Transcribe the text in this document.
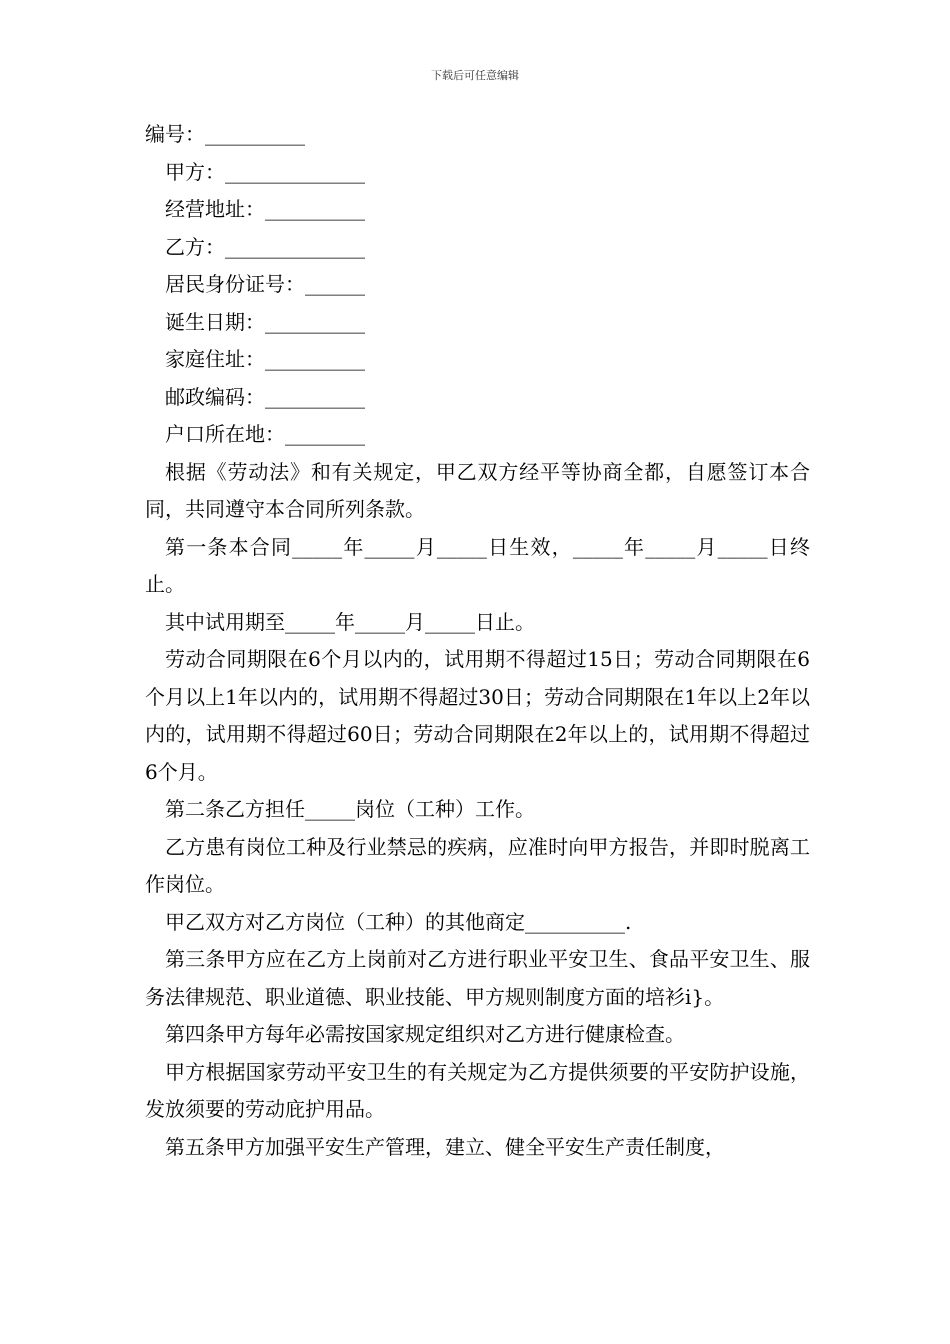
下载后可任意编辑
编号：__________
甲方：______________
经营地址：__________
乙方：______________
居民身份证号：______
诞生日期：__________
家庭住址：__________
邮政编码：__________
户口所在地：________

根据《劳动法》和有关规定，甲乙双方经平等协商全都，自愿签订本合同，共同遵守本合同所列条款。

第一条本合同_____年_____月_____日生效，_____年_____月_____日终止。

其中试用期至_____年_____月_____日止。

劳动合同期限在6个月以内的，试用期不得超过15日；劳动合同期限在6个月以上1年以内的，试用期不得超过30日；劳动合同期限在1年以上2年以内的，试用期不得超过60日；劳动合同期限在2年以上的，试用期不得超过6个月。

第二条乙方担任_____岗位（工种）工作。

乙方患有岗位工种及行业禁忌的疾病，应准时向甲方报告，并即时脱离工作岗位。

甲乙双方对乙方岗位（工种）的其他商定__________.

第三条甲方应在乙方上岗前对乙方进行职业平安卫生、食品平安卫生、服务法律规范、职业道德、职业技能、甲方规则制度方面的培衫i}。

第四条甲方每年必需按国家规定组织对乙方进行健康检查。

甲方根据国家劳动平安卫生的有关规定为乙方提供须要的平安防护设施，发放须要的劳动庇护用品。

第五条甲方加强平安生产管理，建立、健全平安生产责任制度，
